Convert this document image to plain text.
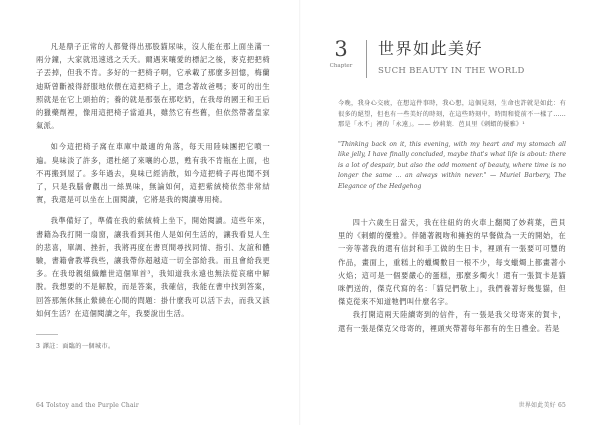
凡是鼎子正常的人都覺得出那股貓尿味，沒人能在那上面坐滿一兩分鐘，大家就迅速逃之夭夭。爾遇來嚷愛的標記之後，麥克把把椅子丟掉，但我不肯。多好的一把椅子啊，它承載了那麼多回憶，梅蘭迪斯曾斷被得舒服地依偎在這把椅子上，還念著故爸嗎；麥可的出生照就是在它上頭拍的；養的就是那張在那吃奶，在我母的國王和王后的獵藥劑裡，像用這把椅子當道具，雖然它有些舊，但依然帶著皇家氣派。

如今這把椅子窩在車庫中最適的角落，每天用陸味團把它噴一遍。臭味淡了許多，還杜絕了來嚷的心思，甦有我不肯瓶在上面，也不再搬到屋了。多年過去，臭味已經消散，如今這把椅子再也聞不到了，只是我腦會觀出一絲異味，無論如何，這把紫絨椅依然非常結實，我還是可以坐在上面閱讀，它將是我的閱讀專用椅。

我準備好了，準備在我的紫絨椅上坐下，開始閱讀。這些年來，書籍為我打開一扇窗，讓我看到其他人是如何生活的，讓我看見人生的悲喜，單調、挫折，我將再度在書頁間尋找同情、指引、友誼和體驗，書籍會教導我些，讓我帶你超越這一切全部給我。而且會給我更多。在我母親組織離世這個單首³，我知道我永遠也無法從哀痛中解脫。我想要的不是解脫，而是答案，我確信，我能在書中找到答案，回答那無休無止縈繞在心間的問題：掛什麼我可以活下去，而我又該如何生活？在這個閱讀之年，我要說出生活。

3 譯註：面臨的一個城市。
64 Tolstoy and the Purple Chair
3
Chapter
世界如此美好
SUCH BEAUTY IN THE WORLD
今晚，我身心交疲，在想這件事時，我心想，這個見刻，生命也許就是如此：有很多的絕望，但也有一些美好的時刻，在這些時刻中，時間和從前不一樣了……那是「永不」裡的「永遠」。—— 妙莉葉．芭貝里《刺蝟的優雅》¹
"Thinking back on it, this evening, with my heart and my stomach all like jelly, I have finally concluded, maybe that's what life is about: there is a lot of despair, but also the odd moment of beauty, where time is no longer the same ... an always within never." — Muriel Barbery, The Elegance of the Hedgehog

四十六歲生日當天，我在往紐約的火車上翻閱了妙莉葉，芭貝里的《刺蝟的優雅》。伴隨著親吻和擁抱的早餐做為一天的開始，在一旁等著我的還有信封和手工做的生日卡，裡頭有一張要可可豐的作品，畫面上，重糕上的蠟燭數目一根不少，每支蠟燭上都畫著小火焰；這可是一個要嚴心的蛋糕，那麼多燭火！還有一張賀卡是貓咪們送的，傑克代寫的名：「貓兒們敬上」，我們養著好幾隻貓，但傑克從來不知道牠們叫什麼名字。

我打開這兩天陸續寄到的信件，有一張是我父母寄來的賀卡，還有一張是傑克父母寄的，裡頭夾帶著每年都有的生日禮金。若是

世界如此美好 65
